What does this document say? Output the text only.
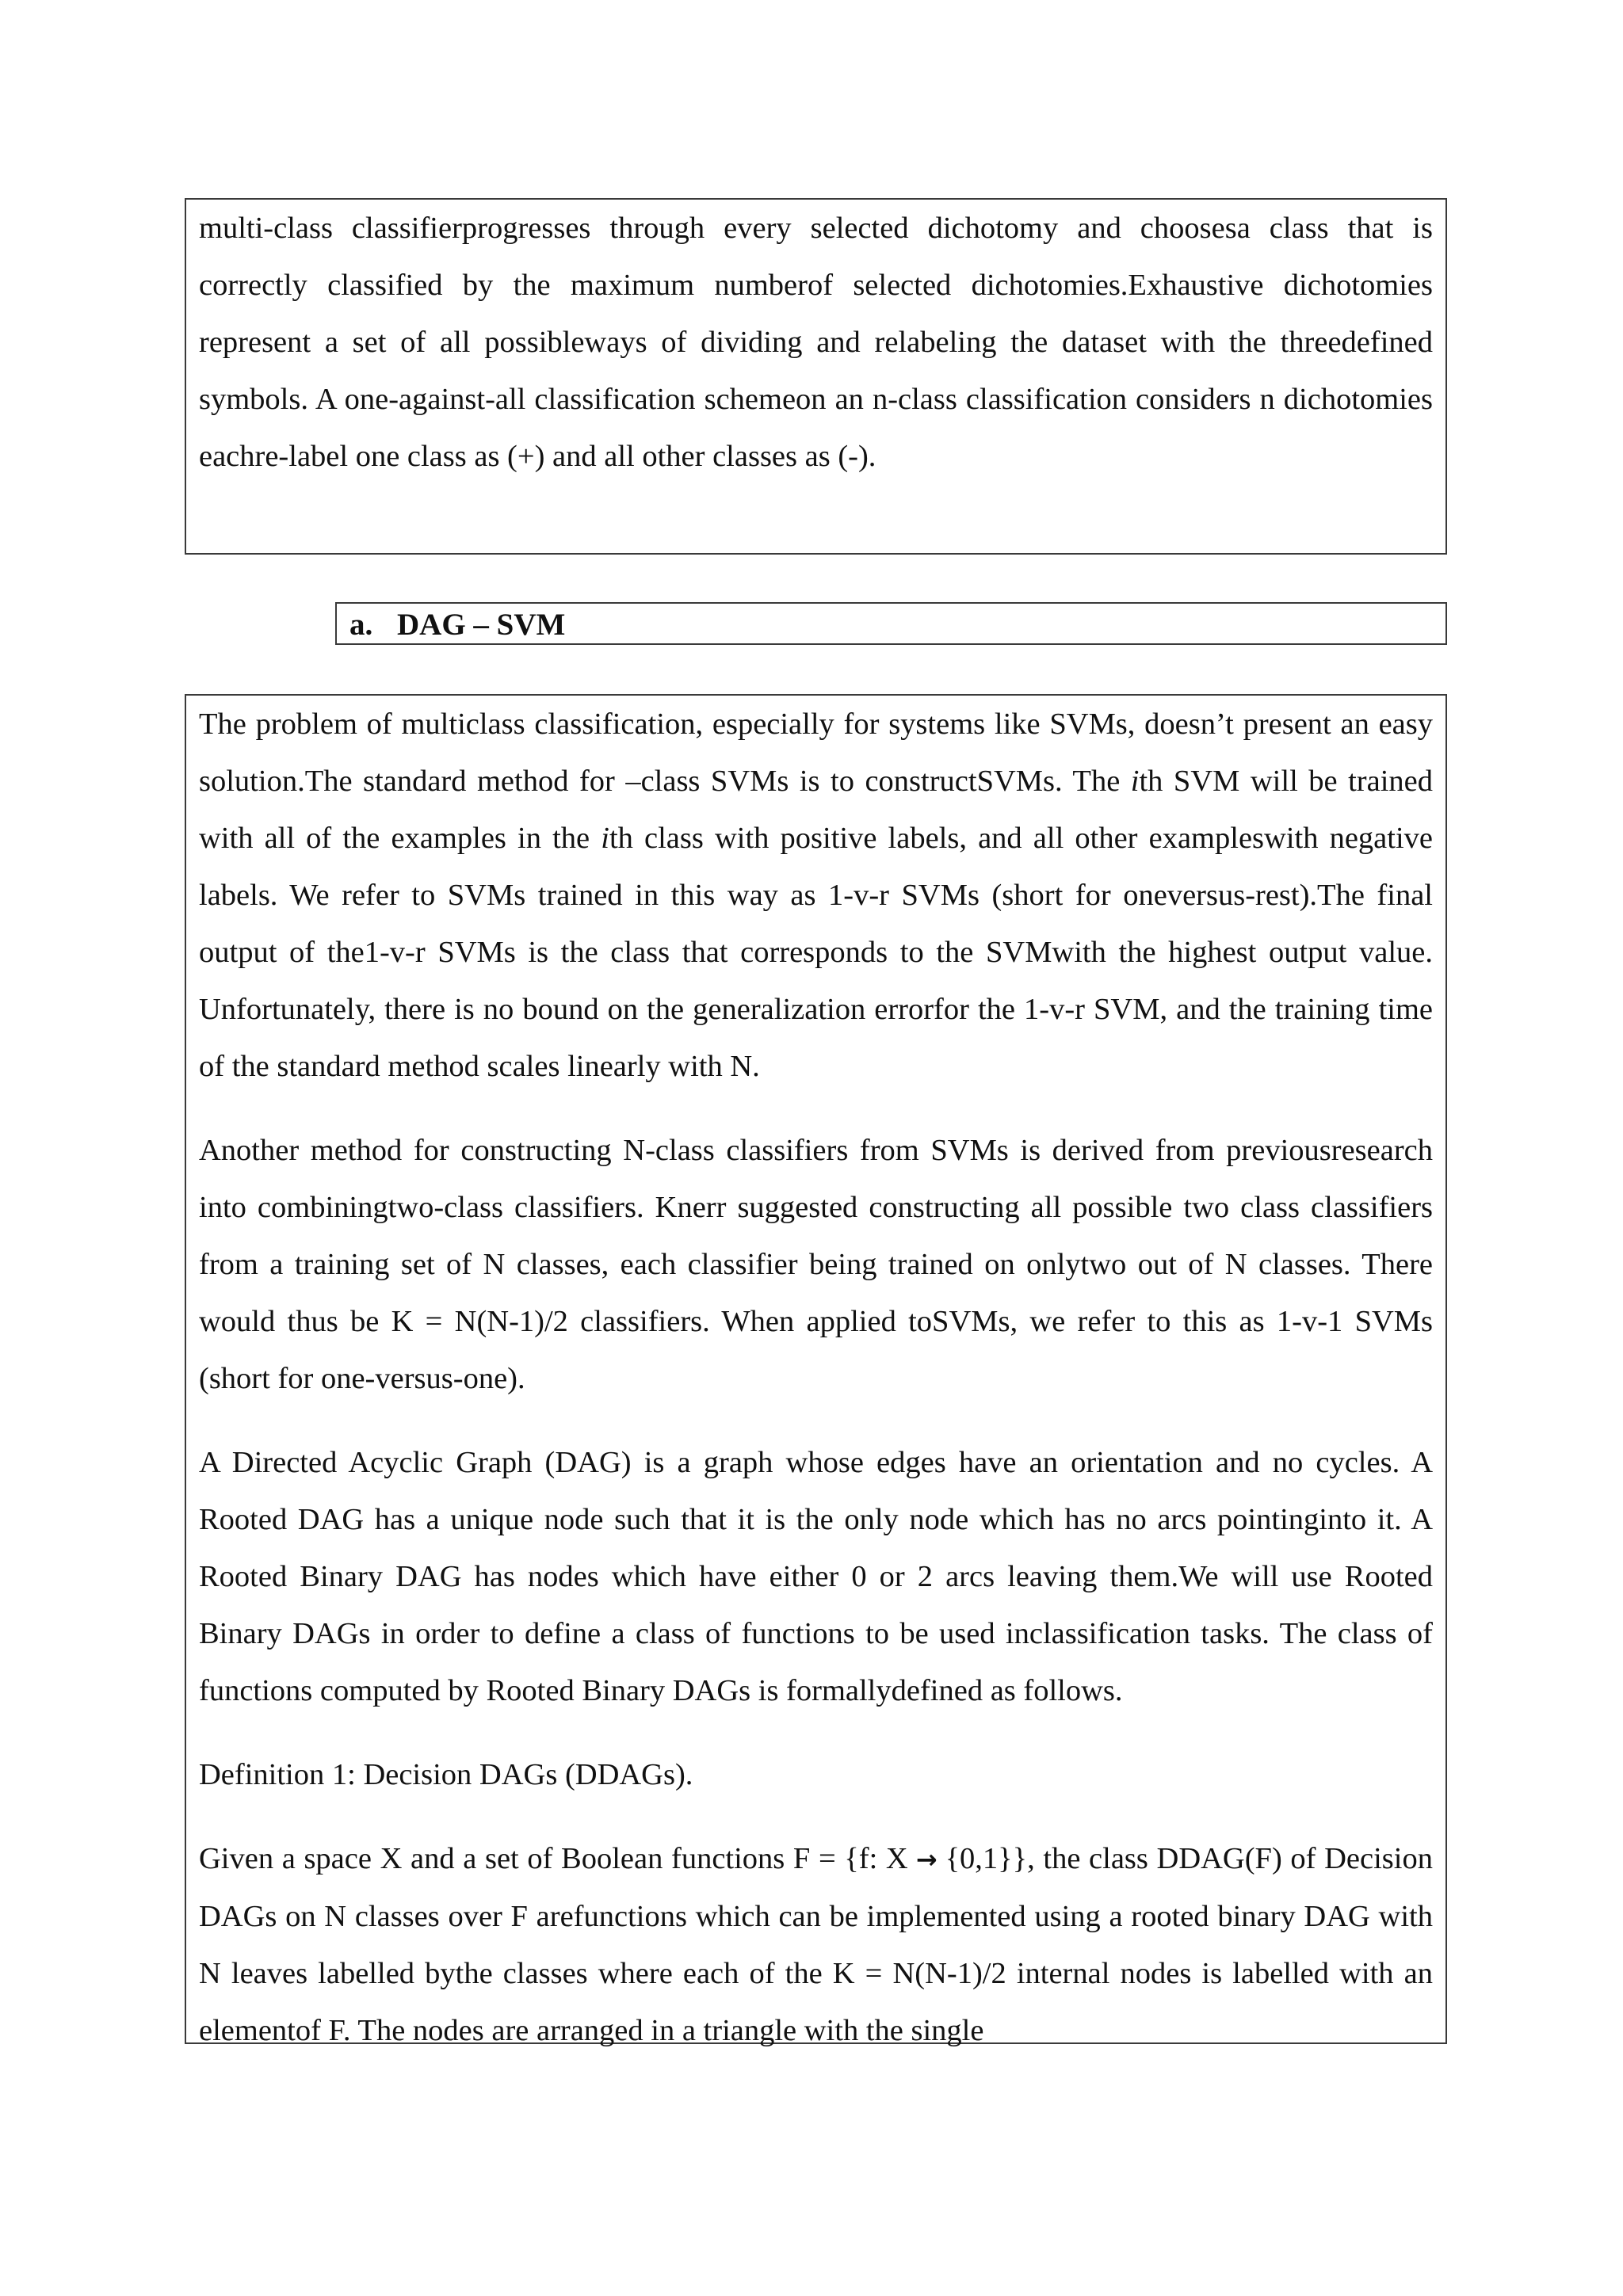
multi-class classifierprogresses through every selected dichotomy and choosesa class that is correctly classified by the maximum numberof selected dichotomies.Exhaustive dichotomies represent a set of all possibleways of dividing and relabeling the dataset with the threedefined symbols. A one-against-all classification schemeon an n-class classification considers n dichotomies eachre-label one class as (+) and all other classes as (-).

a. DAG – SVM

The problem of multiclass classification, especially for systems like SVMs, doesn’t present an easy solution.The standard method for –class SVMs is to constructSVMs. The ith SVM will be trained with all of the examples in the ith class with positive labels, and all other exampleswith negative labels. We refer to SVMs trained in this way as 1-v-r SVMs (short for oneversus-rest).The final output of the1-v-r SVMs is the class that corresponds to the SVMwith the highest output value. Unfortunately, there is no bound on the generalization errorfor the 1-v-r SVM, and the training time of the standard method scales linearly with N.

Another method for constructing N-class classifiers from SVMs is derived from previousresearch into combiningtwo-class classifiers. Knerr suggested constructing all possible two class classifiers from a training set of N classes, each classifier being trained on onlytwo out of N classes. There would thus be K = N(N-1)/2 classifiers. When applied toSVMs, we refer to this as 1-v-1 SVMs (short for one-versus-one).

A Directed Acyclic Graph (DAG) is a graph whose edges have an orientation and no cycles. A Rooted DAG has a unique node such that it is the only node which has no arcs pointinginto it. A Rooted Binary DAG has nodes which have either 0 or 2 arcs leaving them.We will use Rooted Binary DAGs in order to define a class of functions to be used inclassification tasks. The class of functions computed by Rooted Binary DAGs is formallydefined as follows.

Definition 1: Decision DAGs (DDAGs).

Given a space X and a set of Boolean functions F = {f: X → {0,1}}, the class DDAG(F) of Decision DAGs on N classes over F arefunctions which can be implemented using a rooted binary DAG with N leaves labelled bythe classes where each of the K = N(N-1)/2 internal nodes is labelled with an elementof F. The nodes are arranged in a triangle with the single
